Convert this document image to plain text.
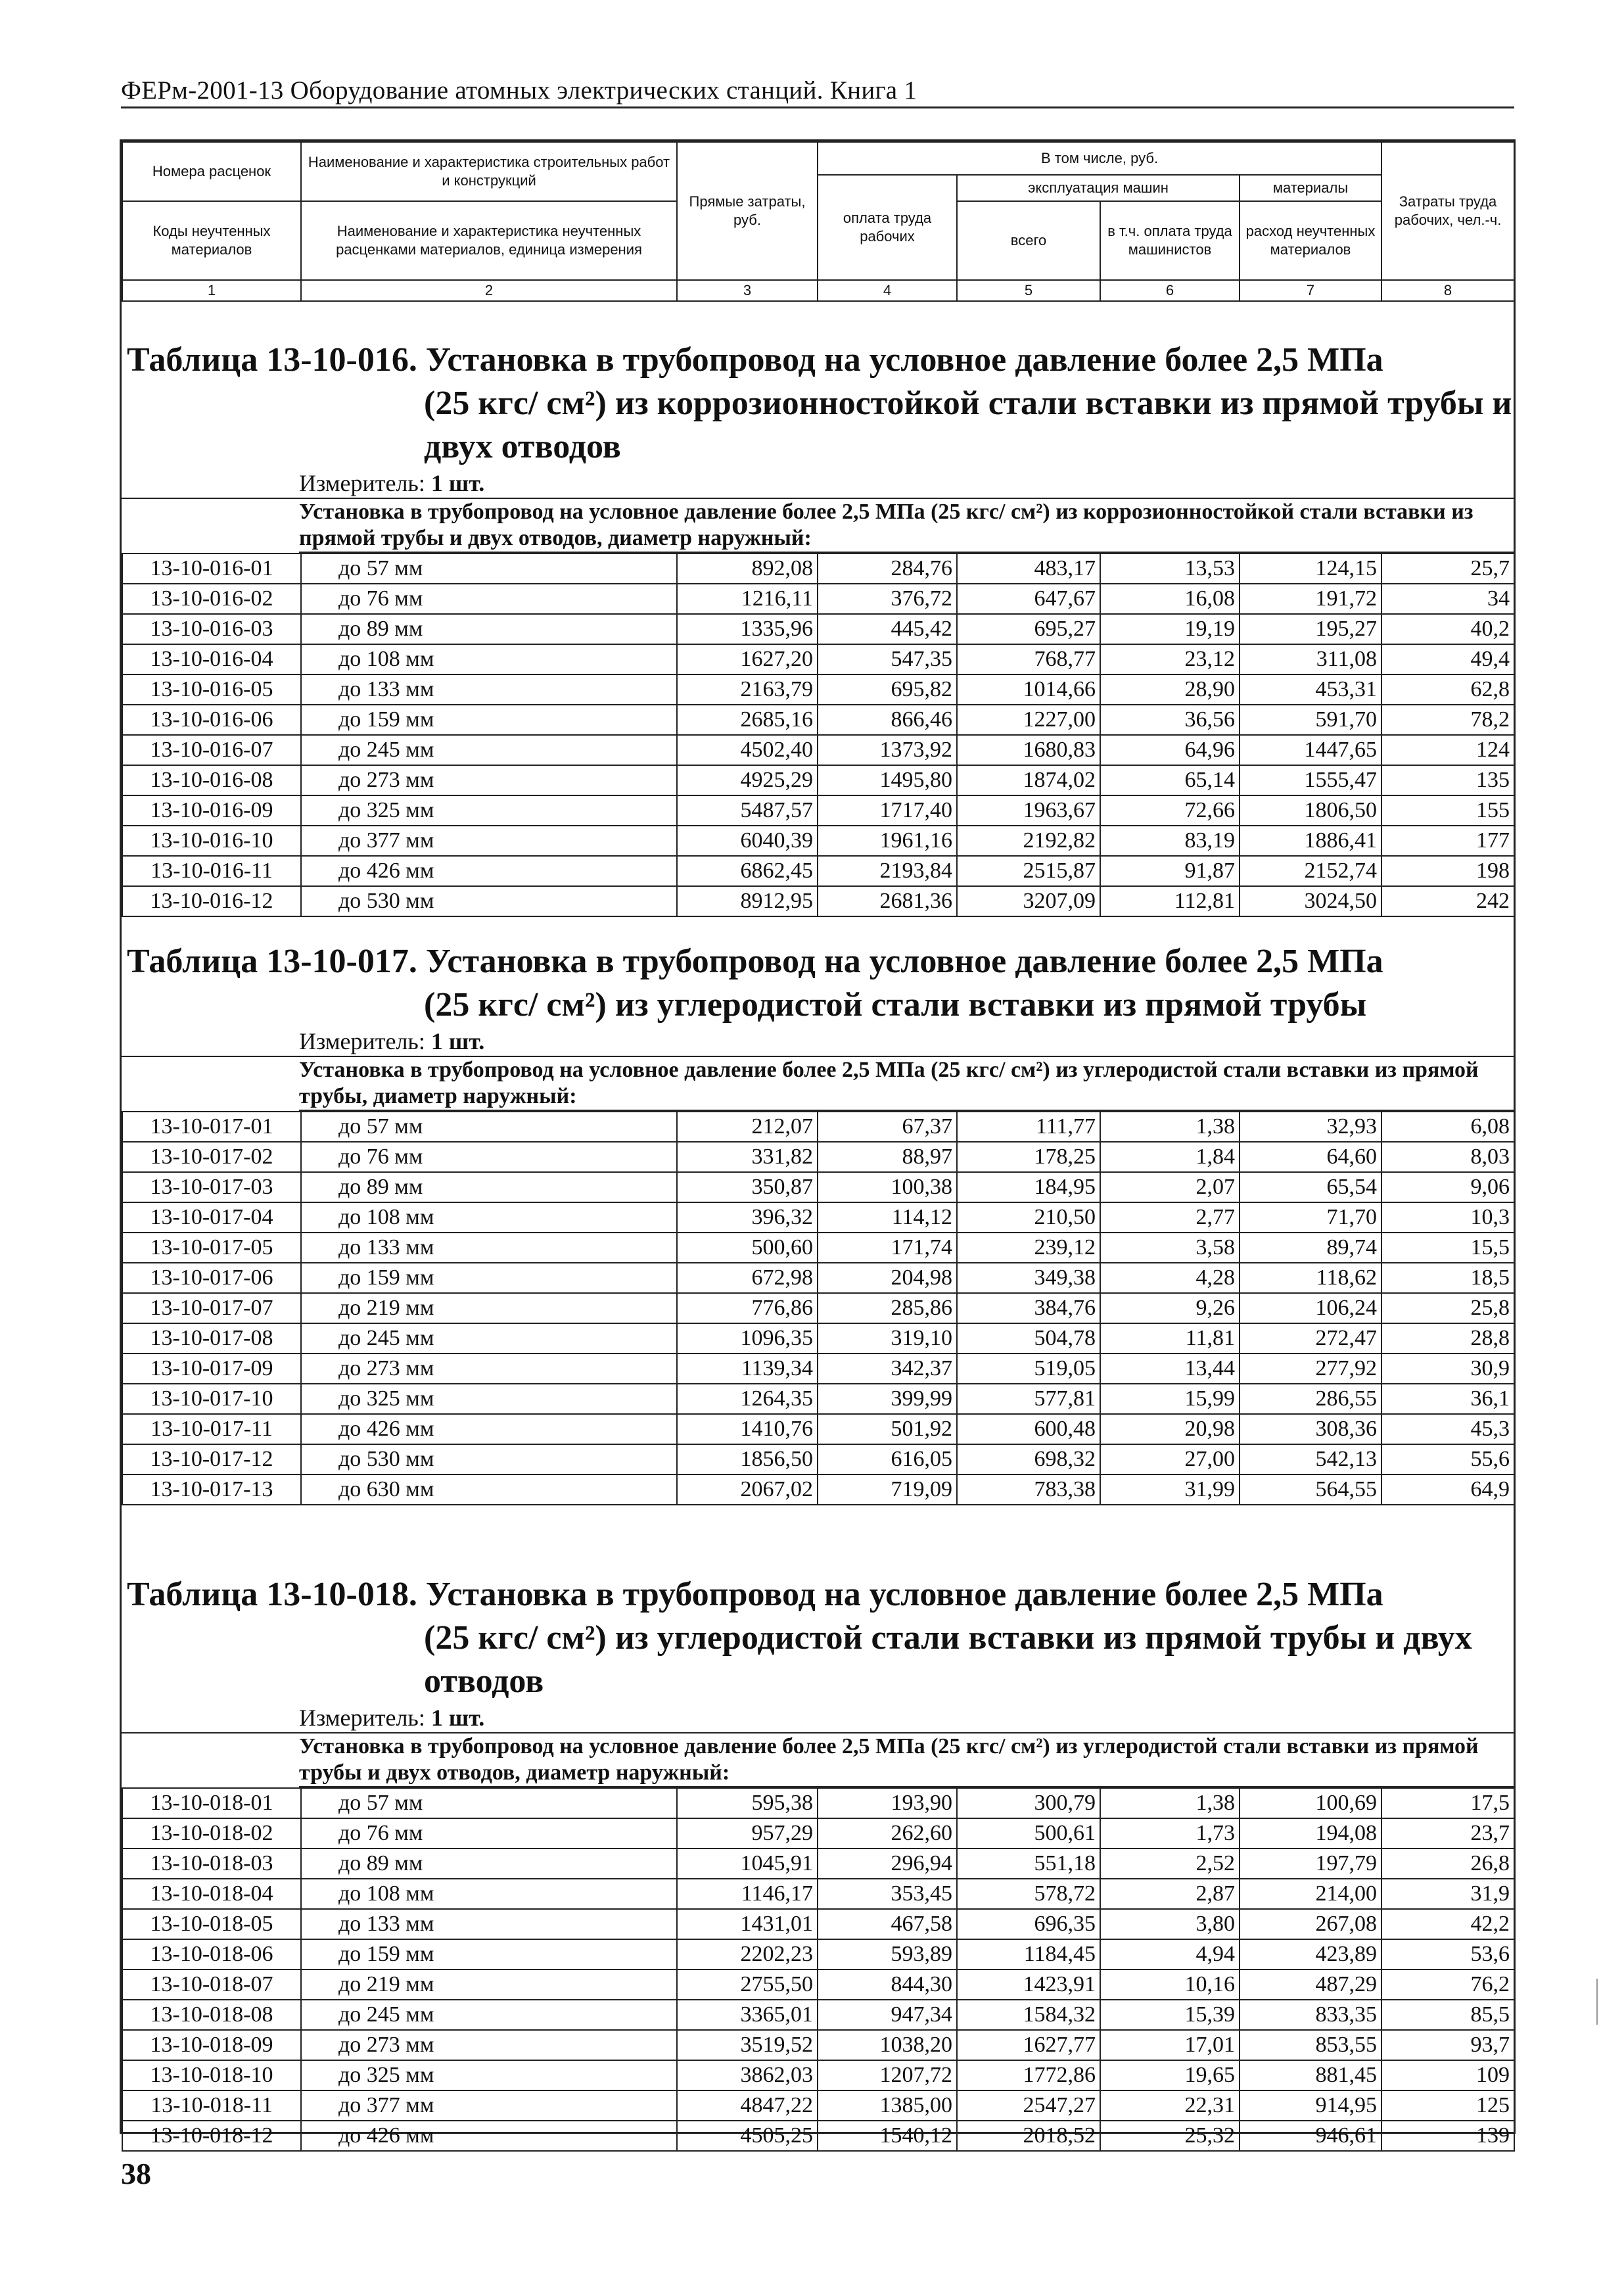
ФЕРм-2001-13 Оборудование атомных электрических станций. Книга 1
Номера расценок	Наименование и характеристика строительных работ и конструкций	Прямые затраты, руб.	В том числе, руб.				Затраты труда рабочих, чел.-ч.
			оплата труда рабочих	эксплуатация машин		материалы	
Коды неучтенных материалов	Наименование и характеристика неучтенных расценками материалов, единица измерения			всего	в т.ч. оплата труда машинистов	расход неучтенных материалов	
1	2	3	4	5	6	7	8
Таблица 13-10-016. Установка в трубопровод на условное давление более 2,5 МПа
(25 кгс/ см²) из коррозионностойкой стали вставки из прямой трубы и
двух отводов
Измеритель: 1 шт.
Установка в трубопровод на условное давление более 2,5 МПа (25 кгс/ см²) из коррозионностойкой стали вставки из прямой трубы и двух отводов, диаметр наружный:
13-10-016-01	до 57 мм	892,08	284,76	483,17	13,53	124,15	25,7
13-10-016-02	до 76 мм	1216,11	376,72	647,67	16,08	191,72	34
13-10-016-03	до 89 мм	1335,96	445,42	695,27	19,19	195,27	40,2
13-10-016-04	до 108 мм	1627,20	547,35	768,77	23,12	311,08	49,4
13-10-016-05	до 133 мм	2163,79	695,82	1014,66	28,90	453,31	62,8
13-10-016-06	до 159 мм	2685,16	866,46	1227,00	36,56	591,70	78,2
13-10-016-07	до 245 мм	4502,40	1373,92	1680,83	64,96	1447,65	124
13-10-016-08	до 273 мм	4925,29	1495,80	1874,02	65,14	1555,47	135
13-10-016-09	до 325 мм	5487,57	1717,40	1963,67	72,66	1806,50	155
13-10-016-10	до 377 мм	6040,39	1961,16	2192,82	83,19	1886,41	177
13-10-016-11	до 426 мм	6862,45	2193,84	2515,87	91,87	2152,74	198
13-10-016-12	до 530 мм	8912,95	2681,36	3207,09	112,81	3024,50	242
Таблица 13-10-017. Установка в трубопровод на условное давление более 2,5 МПа
(25 кгс/ см²) из углеродистой стали вставки из прямой трубы
Измеритель: 1 шт.
Установка в трубопровод на условное давление более 2,5 МПа (25 кгс/ см²) из углеродистой стали вставки из прямой трубы, диаметр наружный:
13-10-017-01	до 57 мм	212,07	67,37	111,77	1,38	32,93	6,08
13-10-017-02	до 76 мм	331,82	88,97	178,25	1,84	64,60	8,03
13-10-017-03	до 89 мм	350,87	100,38	184,95	2,07	65,54	9,06
13-10-017-04	до 108 мм	396,32	114,12	210,50	2,77	71,70	10,3
13-10-017-05	до 133 мм	500,60	171,74	239,12	3,58	89,74	15,5
13-10-017-06	до 159 мм	672,98	204,98	349,38	4,28	118,62	18,5
13-10-017-07	до 219 мм	776,86	285,86	384,76	9,26	106,24	25,8
13-10-017-08	до 245 мм	1096,35	319,10	504,78	11,81	272,47	28,8
13-10-017-09	до 273 мм	1139,34	342,37	519,05	13,44	277,92	30,9
13-10-017-10	до 325 мм	1264,35	399,99	577,81	15,99	286,55	36,1
13-10-017-11	до 426 мм	1410,76	501,92	600,48	20,98	308,36	45,3
13-10-017-12	до 530 мм	1856,50	616,05	698,32	27,00	542,13	55,6
13-10-017-13	до 630 мм	2067,02	719,09	783,38	31,99	564,55	64,9
Таблица 13-10-018. Установка в трубопровод на условное давление более 2,5 МПа
(25 кгс/ см²) из углеродистой стали вставки из прямой трубы и двух
отводов
Измеритель: 1 шт.
Установка в трубопровод на условное давление более 2,5 МПа (25 кгс/ см²) из углеродистой стали вставки из прямой трубы и двух отводов, диаметр наружный:
13-10-018-01	до 57 мм	595,38	193,90	300,79	1,38	100,69	17,5
13-10-018-02	до 76 мм	957,29	262,60	500,61	1,73	194,08	23,7
13-10-018-03	до 89 мм	1045,91	296,94	551,18	2,52	197,79	26,8
13-10-018-04	до 108 мм	1146,17	353,45	578,72	2,87	214,00	31,9
13-10-018-05	до 133 мм	1431,01	467,58	696,35	3,80	267,08	42,2
13-10-018-06	до 159 мм	2202,23	593,89	1184,45	4,94	423,89	53,6
13-10-018-07	до 219 мм	2755,50	844,30	1423,91	10,16	487,29	76,2
13-10-018-08	до 245 мм	3365,01	947,34	1584,32	15,39	833,35	85,5
13-10-018-09	до 273 мм	3519,52	1038,20	1627,77	17,01	853,55	93,7
13-10-018-10	до 325 мм	3862,03	1207,72	1772,86	19,65	881,45	109
13-10-018-11	до 377 мм	4847,22	1385,00	2547,27	22,31	914,95	125
13-10-018-12	до 426 мм	4505,25	1540,12	2018,52	25,32	946,61	139
38
